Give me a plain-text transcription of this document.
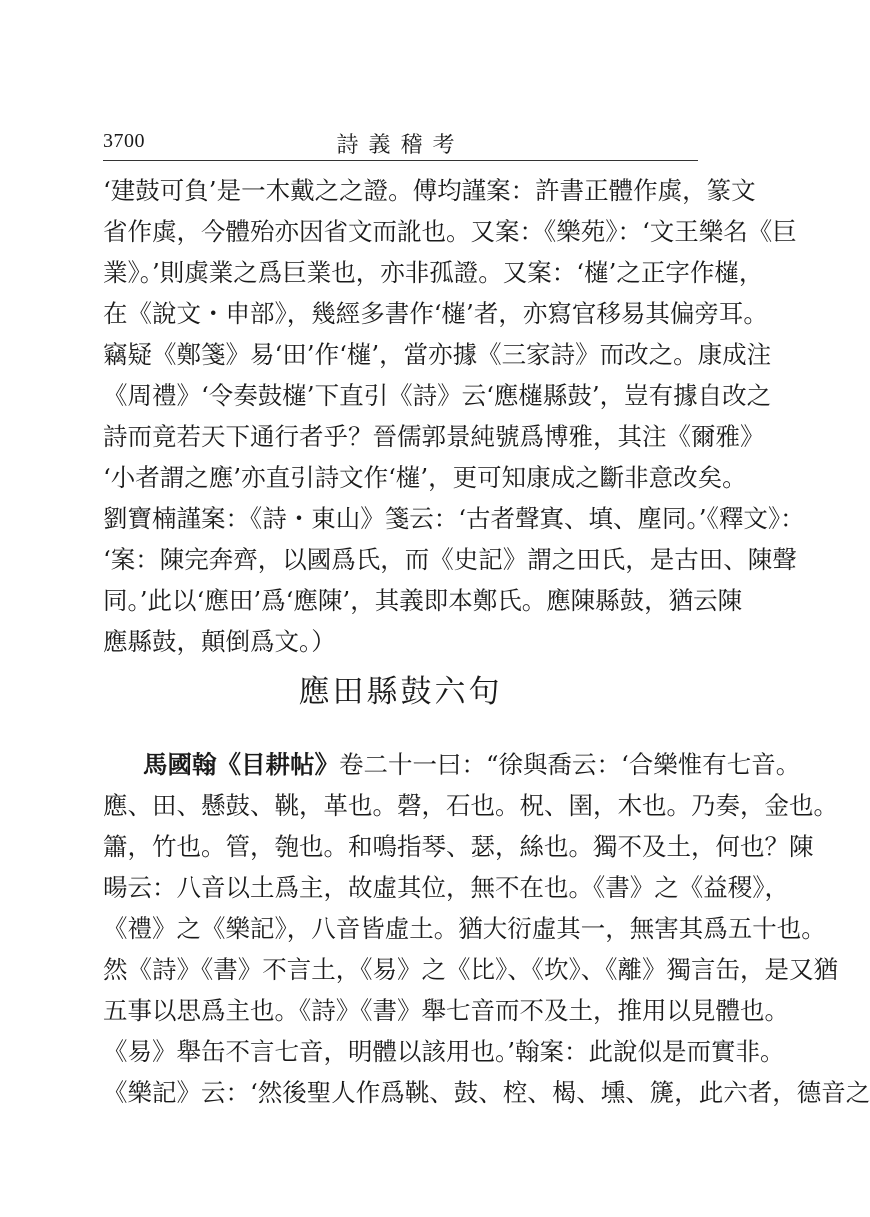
3700	詩義稽考
‘建鼓可負’是一木戴之之證。傅均謹案：許書正體作虡，篆文
省作虡，今體殆亦因省文而訛也。又案：《樂苑》：‘文王樂名《巨
業》。’則虡業之爲巨業也，亦非孤證。又案：‘𣝤’之正字作𣝤，
在《說文・申部》，幾經多書作‘𣝤’者，亦寫官移易其偏旁耳。
竊疑《鄭箋》易‘田’作‘𣝤’，當亦據《三家詩》而改之。康成注
《周禮》‘令奏鼓𣝤’下直引《詩》云‘應𣝤縣鼓’，豈有據自改之
詩而竟若天下通行者乎？晉儒郭景純號爲博雅，其注《爾雅》
‘小者謂之應’亦直引詩文作‘𣝤’，更可知康成之斷非意改矣。
劉寶楠謹案：《詩・東山》箋云：‘古者聲寘、填、塵同。’《釋文》：
‘案：陳完奔齊，以國爲氏，而《史記》謂之田氏，是古田、陳聲
同。’此以‘應田’爲‘應陳’，其義即本鄭氏。應陳縣鼓，猶云陳
應縣鼓，顛倒爲文。）
應田縣鼓六句
馬國翰《目耕帖》卷二十一曰：“徐與喬云：‘合樂惟有七音。
應、田、懸鼓、鞉，革也。磬，石也。柷、圉，木也。乃奏，金也。
簫，竹也。管，匏也。和鳴指琴、瑟，絲也。獨不及土，何也？陳
暘云：八音以土爲主，故虛其位，無不在也。《書》之《益稷》，
《禮》之《樂記》，八音皆虛土。猶大衍虛其一，無害其爲五十也。
然《詩》《書》不言土，《易》之《比》、《坎》、《離》獨言缶，是又猶
五事以思爲主也。《詩》《書》舉七音而不及土，推用以見體也。
《易》舉缶不言七音，明體以該用也。’翰案：此說似是而實非。
《樂記》云：‘然後聖人作爲鞉、鼓、椌、楬、壎、篪，此六者，德音之
